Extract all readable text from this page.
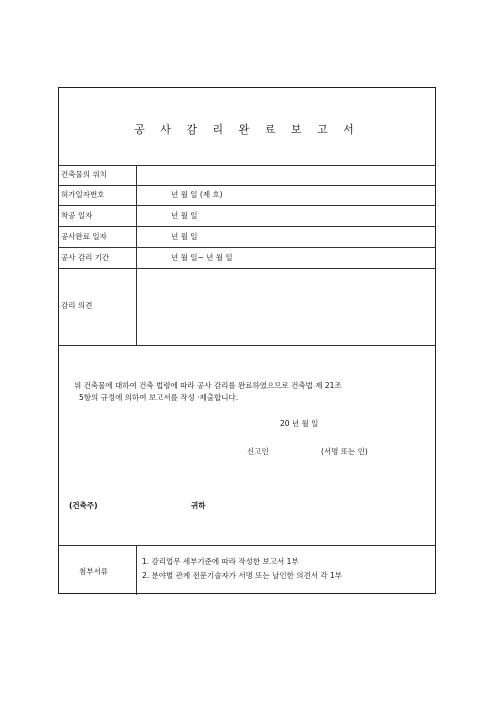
공 사 감 리 완 료 보 고 서
건축물의 위치
허가일자번호
착공 일자
공사완료 일자
공사 감리 기간
년 월 일 (제 호)
년 월 일
년 월 일
년 월 일~ 년 월 일
감리 의견
위 건축물에 대하여 건축 법령에 따라 공사 감리를 완료하였으므로 건축법 제 21조
5항의 규정에 의하여 보고서를 작성 ·제출합니다.
20 년 월 일
신고인	(서명 또는 인)
(건축주)	귀하
첨부서류
1. 감리업무 세부기준에 따라 작성한 보고서 1부
2. 분야별 관계 전문기술자가 서명 또는 날인한 의견서 각 1부
